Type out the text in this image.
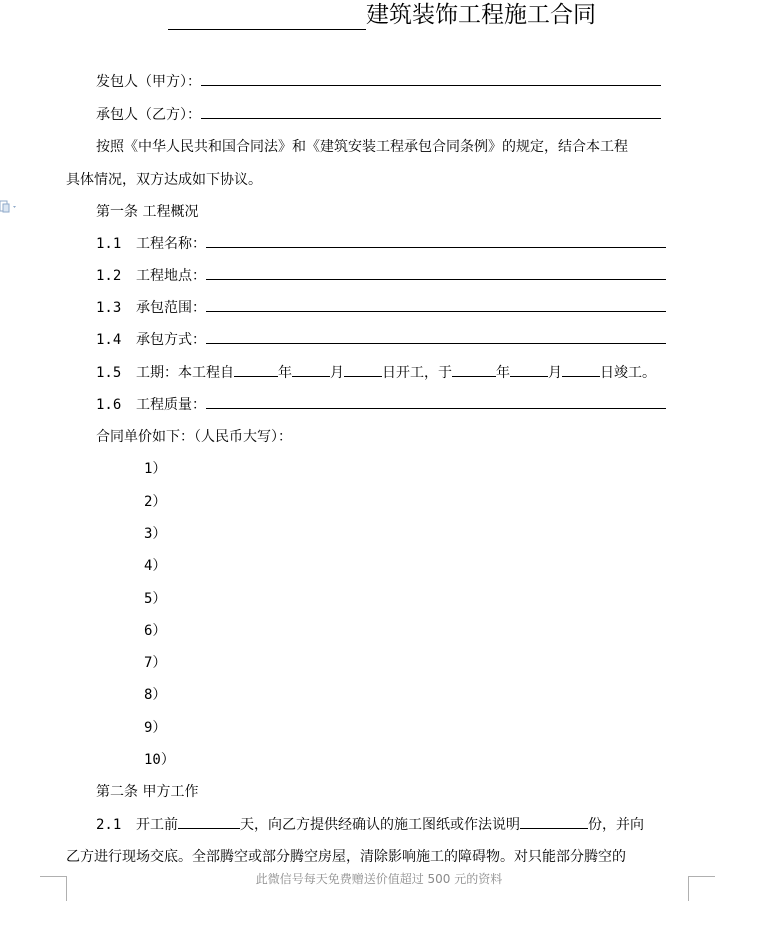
建筑装饰工程施工合同
发包人（甲方）：
承包人（乙方）：
按照《中华人民共和国合同法》和《建筑安装工程承包合同条例》的规定，结合本工程
具体情况，双方达成如下协议。
第一条 工程概况
1.1 工程名称：
1.2 工程地点：
1.3 承包范围：
1.4 承包方式：
1.5 工期：本工程自	年	月	日开工，于	年	月	日竣工。
1.6 工程质量：
合同单价如下：（人民币大写）：
1）
2）
3）
4）
5）
6）
7）
8）
9）
10）
第二条 甲方工作
2.1 开工前	天，向乙方提供经确认的施工图纸或作法说明	份，并向
乙方进行现场交底。全部腾空或部分腾空房屋，清除影响施工的障碍物。对只能部分腾空的
此微信号每天免费赠送价值超过 500 元的资料
